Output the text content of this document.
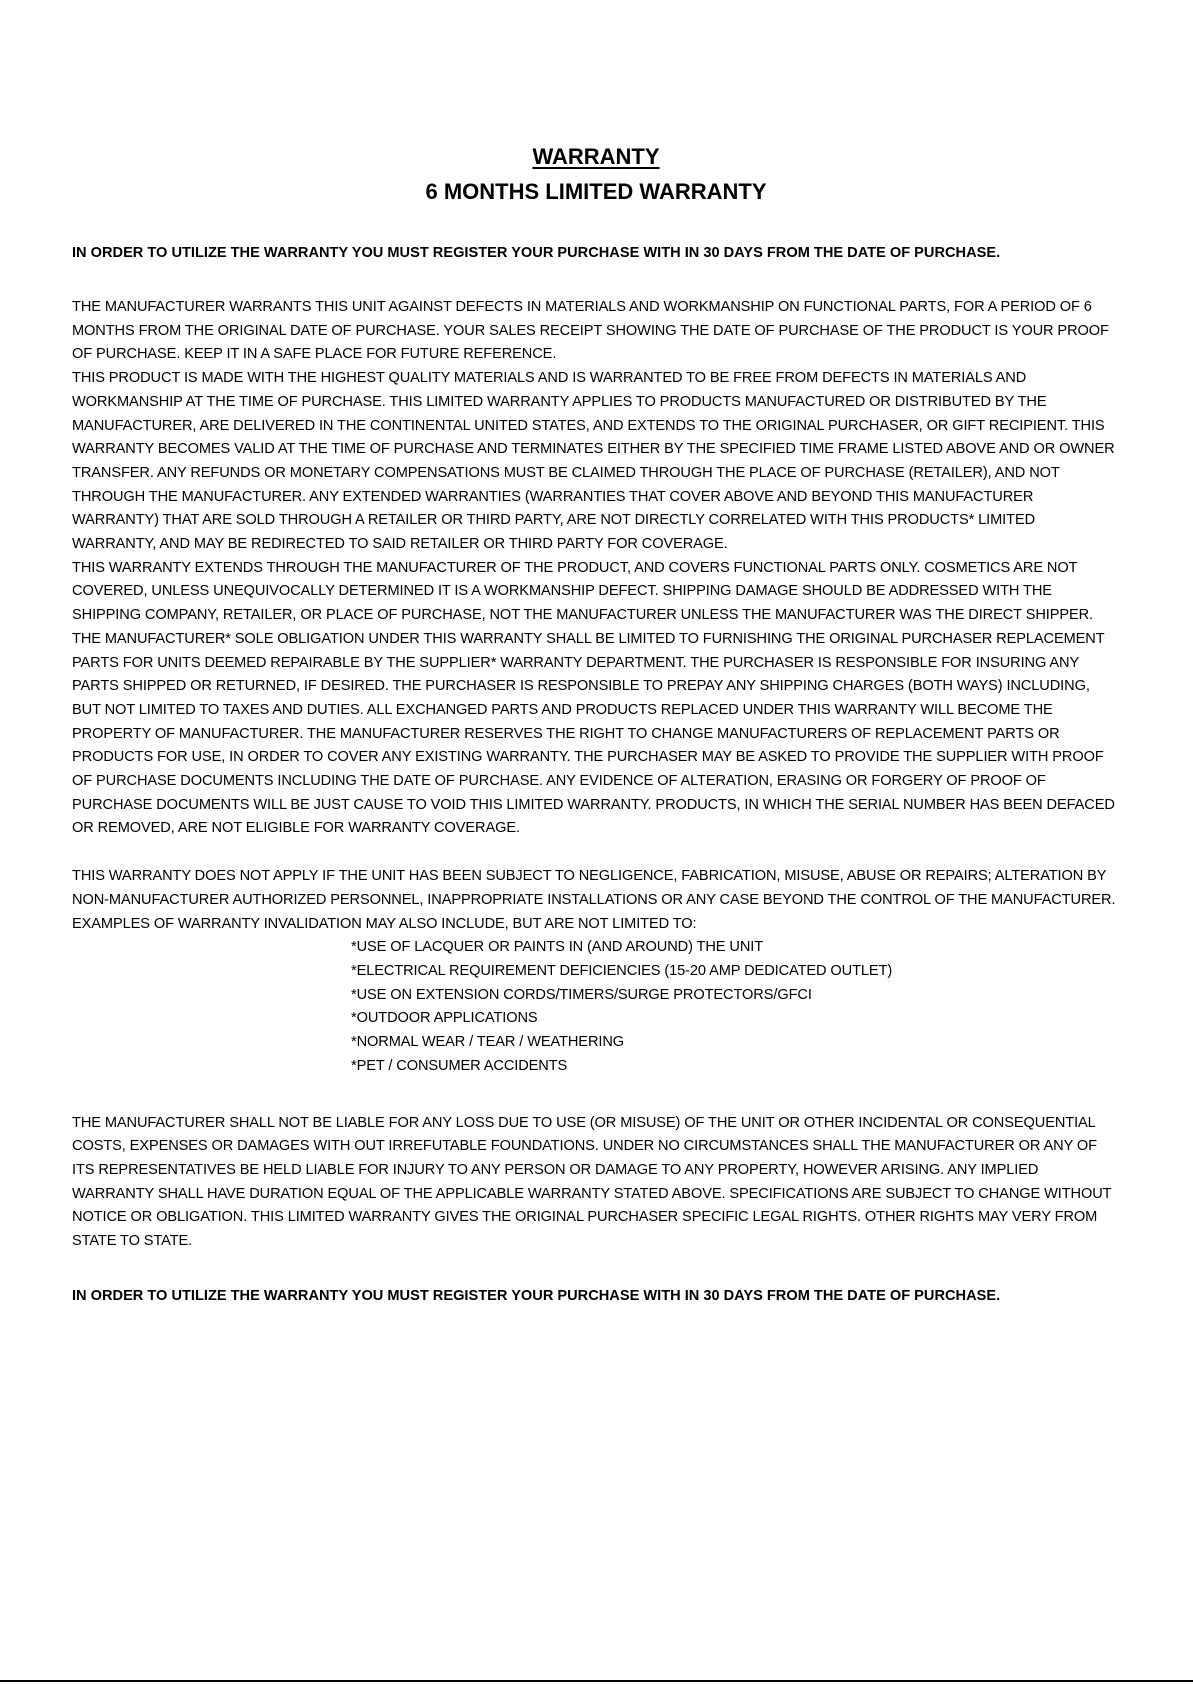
WARRANTY
6 MONTHS LIMITED WARRANTY

IN ORDER TO UTILIZE THE WARRANTY YOU MUST REGISTER YOUR PURCHASE WITH IN 30 DAYS FROM THE DATE OF PURCHASE.

THE MANUFACTURER WARRANTS THIS UNIT AGAINST DEFECTS IN MATERIALS AND WORKMANSHIP ON FUNCTIONAL PARTS, FOR A PERIOD OF 6 MONTHS FROM THE ORIGINAL DATE OF PURCHASE. YOUR SALES RECEIPT SHOWING THE DATE OF PURCHASE OF THE PRODUCT IS YOUR PROOF OF PURCHASE. KEEP IT IN A SAFE PLACE FOR FUTURE REFERENCE.

THIS PRODUCT IS MADE WITH THE HIGHEST QUALITY MATERIALS AND IS WARRANTED TO BE FREE FROM DEFECTS IN MATERIALS AND WORKMANSHIP AT THE TIME OF PURCHASE. THIS LIMITED WARRANTY APPLIES TO PRODUCTS MANUFACTURED OR DISTRIBUTED BY THE MANUFACTURER, ARE DELIVERED IN THE CONTINENTAL UNITED STATES, AND EXTENDS TO THE ORIGINAL PURCHASER, OR GIFT RECIPIENT. THIS WARRANTY BECOMES VALID AT THE TIME OF PURCHASE AND TERMINATES EITHER BY THE SPECIFIED TIME FRAME LISTED ABOVE AND OR OWNER TRANSFER. ANY REFUNDS OR MONETARY COMPENSATIONS MUST BE CLAIMED THROUGH THE PLACE OF PURCHASE (RETAILER), AND NOT THROUGH THE MANUFACTURER. ANY EXTENDED WARRANTIES (WARRANTIES THAT COVER ABOVE AND BEYOND THIS MANUFACTURER WARRANTY) THAT ARE SOLD THROUGH A RETAILER OR THIRD PARTY, ARE NOT DIRECTLY CORRELATED WITH THIS PRODUCTS* LIMITED WARRANTY, AND MAY BE REDIRECTED TO SAID RETAILER OR THIRD PARTY FOR COVERAGE.

THIS WARRANTY EXTENDS THROUGH THE MANUFACTURER OF THE PRODUCT, AND COVERS FUNCTIONAL PARTS ONLY. COSMETICS ARE NOT COVERED, UNLESS UNEQUIVOCALLY DETERMINED IT IS A WORKMANSHIP DEFECT. SHIPPING DAMAGE SHOULD BE ADDRESSED WITH THE SHIPPING COMPANY, RETAILER, OR PLACE OF PURCHASE, NOT THE MANUFACTURER UNLESS THE MANUFACTURER WAS THE DIRECT SHIPPER.

THE MANUFACTURER* SOLE OBLIGATION UNDER THIS WARRANTY SHALL BE LIMITED TO FURNISHING THE ORIGINAL PURCHASER REPLACEMENT PARTS FOR UNITS DEEMED REPAIRABLE BY THE SUPPLIER* WARRANTY DEPARTMENT. THE PURCHASER IS RESPONSIBLE FOR INSURING ANY PARTS SHIPPED OR RETURNED, IF DESIRED. THE PURCHASER IS RESPONSIBLE TO PREPAY ANY SHIPPING CHARGES (BOTH WAYS) INCLUDING, BUT NOT LIMITED TO TAXES AND DUTIES. ALL EXCHANGED PARTS AND PRODUCTS REPLACED UNDER THIS WARRANTY WILL BECOME THE PROPERTY OF MANUFACTURER. THE MANUFACTURER RESERVES THE RIGHT TO CHANGE MANUFACTURERS OF REPLACEMENT PARTS OR PRODUCTS FOR USE, IN ORDER TO COVER ANY EXISTING WARRANTY. THE PURCHASER MAY BE ASKED TO PROVIDE THE SUPPLIER WITH PROOF OF PURCHASE DOCUMENTS INCLUDING THE DATE OF PURCHASE. ANY EVIDENCE OF ALTERATION, ERASING OR FORGERY OF PROOF OF PURCHASE DOCUMENTS WILL BE JUST CAUSE TO VOID THIS LIMITED WARRANTY. PRODUCTS, IN WHICH THE SERIAL NUMBER HAS BEEN DEFACED OR REMOVED, ARE NOT ELIGIBLE FOR WARRANTY COVERAGE.

THIS WARRANTY DOES NOT APPLY IF THE UNIT HAS BEEN SUBJECT TO NEGLIGENCE, FABRICATION, MISUSE, ABUSE OR REPAIRS; ALTERATION BY NON-MANUFACTURER AUTHORIZED PERSONNEL, INAPPROPRIATE INSTALLATIONS OR ANY CASE BEYOND THE CONTROL OF THE MANUFACTURER. EXAMPLES OF WARRANTY INVALIDATION MAY ALSO INCLUDE, BUT ARE NOT LIMITED TO:

*USE OF LACQUER OR PAINTS IN (AND AROUND) THE UNIT
*ELECTRICAL REQUIREMENT DEFICIENCIES (15-20 AMP DEDICATED OUTLET)
*USE ON EXTENSION CORDS/TIMERS/SURGE PROTECTORS/GFCI
*OUTDOOR APPLICATIONS
*NORMAL WEAR / TEAR / WEATHERING
*PET / CONSUMER ACCIDENTS

THE MANUFACTURER SHALL NOT BE LIABLE FOR ANY LOSS DUE TO USE (OR MISUSE) OF THE UNIT OR OTHER INCIDENTAL OR CONSEQUENTIAL COSTS, EXPENSES OR DAMAGES WITH OUT IRREFUTABLE FOUNDATIONS. UNDER NO CIRCUMSTANCES SHALL THE MANUFACTURER OR ANY OF ITS REPRESENTATIVES BE HELD LIABLE FOR INJURY TO ANY PERSON OR DAMAGE TO ANY PROPERTY, HOWEVER ARISING. ANY IMPLIED WARRANTY SHALL HAVE DURATION EQUAL OF THE APPLICABLE WARRANTY STATED ABOVE. SPECIFICATIONS ARE SUBJECT TO CHANGE WITHOUT NOTICE OR OBLIGATION. THIS LIMITED WARRANTY GIVES THE ORIGINAL PURCHASER SPECIFIC LEGAL RIGHTS. OTHER RIGHTS MAY VERY FROM STATE TO STATE.

IN ORDER TO UTILIZE THE WARRANTY YOU MUST REGISTER YOUR PURCHASE WITH IN 30 DAYS FROM THE DATE OF PURCHASE.
